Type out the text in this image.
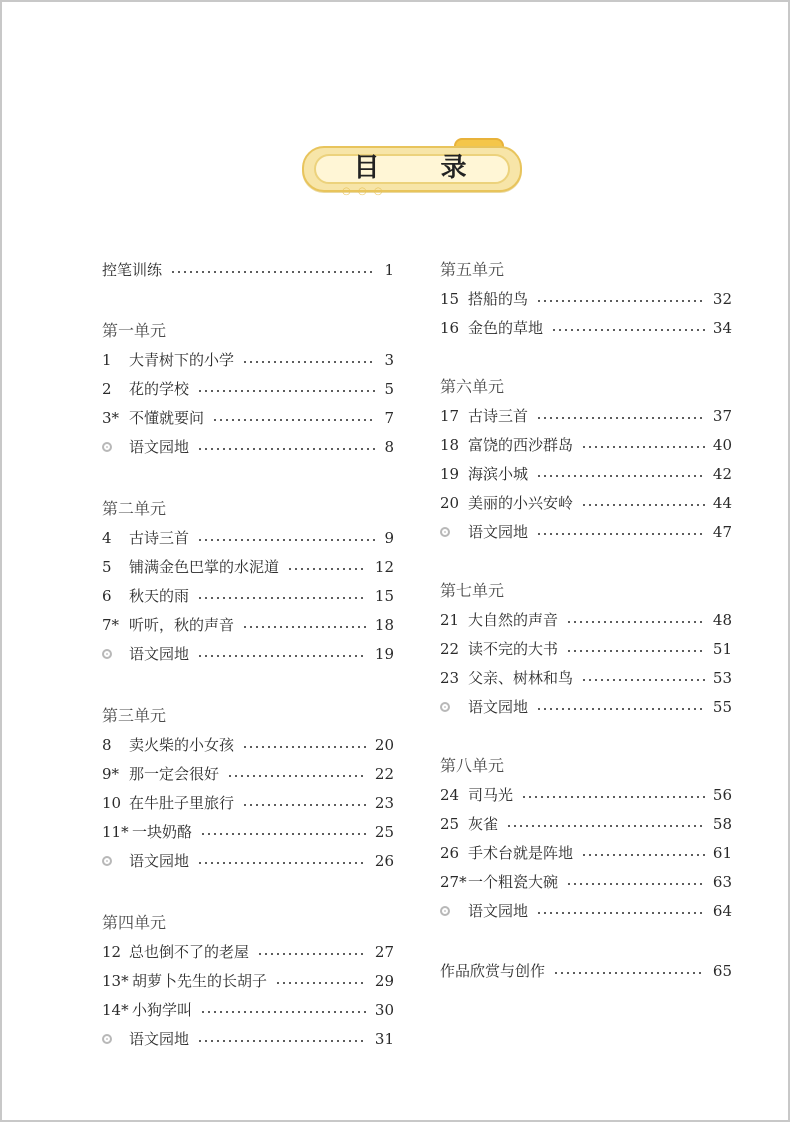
目 录
○ ○ ○
控笔训练	1
第一单元
1	大青树下的小学	3
2	花的学校	5
3* 不懂就要问	7
语文园地	8
第二单元
4	古诗三首	9
5	铺满金色巴掌的水泥道	12
6	秋天的雨	15
7* 听听，秋的声音	18
语文园地	19
第三单元
8	卖火柴的小女孩	20
9* 那一定会很好	22
10 在牛肚子里旅行	23
11* 一块奶酪	25
语文园地	26
第四单元
12 总也倒不了的老屋	27
13* 胡萝卜先生的长胡子	29
14* 小狗学叫	30
语文园地	31
第五单元
15 搭船的鸟	32
16 金色的草地	34
第六单元
17 古诗三首	37
18 富饶的西沙群岛	40
19 海滨小城	42
20 美丽的小兴安岭	44
语文园地	47
第七单元
21 大自然的声音	48
22 读不完的大书	51
23 父亲、树林和鸟	53
语文园地	55
第八单元
24 司马光	56
25 灰雀	58
26 手术台就是阵地	61
27* 一个粗瓷大碗	63
语文园地	64
作品欣赏与创作	65
